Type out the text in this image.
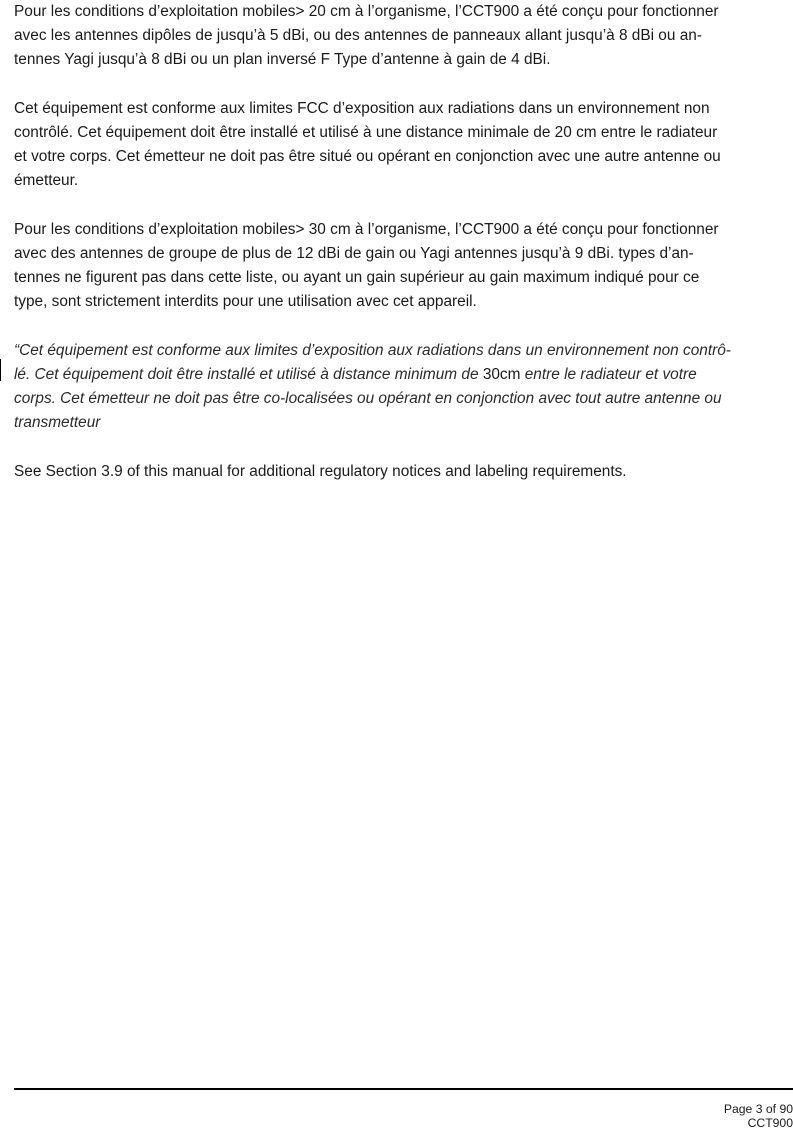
Pour les conditions d’exploitation mobiles> 20 cm à l’organisme, l’CCT900 a été conçu pour fonctionner
avec les antennes dipôles de jusqu’à 5 dBi, ou des antennes de panneaux allant jusqu’à 8 dBi ou an-
tennes Yagi jusqu’à 8 dBi ou un plan inversé F Type d’antenne à gain de 4 dBi.

Cet équipement est conforme aux limites FCC d’exposition aux radiations dans un environnement non
contrôlé. Cet équipement doit être installé et utilisé à une distance minimale de 20 cm entre le radiateur
et votre corps. Cet émetteur ne doit pas être situé ou opérant en conjonction avec une autre antenne ou
émetteur.

Pour les conditions d’exploitation mobiles> 30 cm à l’organisme, l’CCT900 a été conçu pour fonctionner
avec des antennes de groupe de plus de 12 dBi de gain ou Yagi antennes jusqu’à 9 dBi. types d’an-
tennes ne figurent pas dans cette liste, ou ayant un gain supérieur au gain maximum indiqué pour ce
type, sont strictement interdits pour une utilisation avec cet appareil.

“Cet équipement est conforme aux limites d’exposition aux radiations dans un environnement non contrô-
lé. Cet équipement doit être installé et utilisé à distance minimum de 30cm entre le radiateur et votre
corps. Cet émetteur ne doit pas être co-localisées ou opérant en conjonction avec tout autre antenne ou
transmetteur

See Section 3.9 of this manual for additional regulatory notices and labeling requirements.

Page 3 of 90
CCT900
